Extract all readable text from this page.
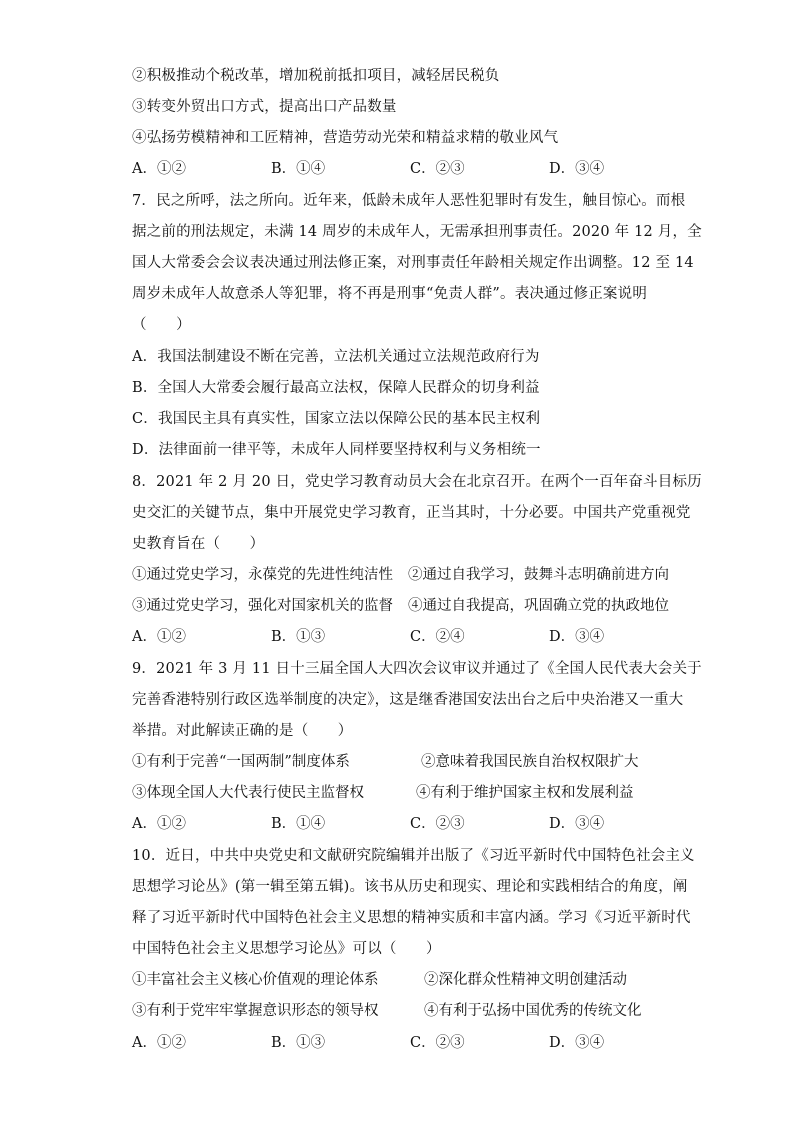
②积极推动个税改革，增加税前抵扣项目，减轻居民税负
③转变外贸出口方式，提高出口产品数量
④弘扬劳模精神和工匠精神，营造劳动光荣和精益求精的敬业风气
A．①②	B．①④	C．②③	D．③④
7．民之所呼，法之所向。近年来，低龄未成年人恶性犯罪时有发生，触目惊心。而根
据之前的刑法规定，未满 14 周岁的未成年人，无需承担刑事责任。2020 年 12 月，全
国人大常委会会议表决通过刑法修正案，对刑事责任年龄相关规定作出调整。12 至 14
周岁未成年人故意杀人等犯罪，将不再是刑事“免责人群”。表决通过修正案说明
（　　）
A．我国法制建设不断在完善，立法机关通过立法规范政府行为
B．全国人大常委会履行最高立法权，保障人民群众的切身利益
C．我国民主具有真实性，国家立法以保障公民的基本民主权利
D．法律面前一律平等，未成年人同样要坚持权利与义务相统一
8．2021 年 2 月 20 日，党史学习教育动员大会在北京召开。在两个一百年奋斗目标历
史交汇的关键节点，集中开展党史学习教育，正当其时，十分必要。中国共产党重视党
史教育旨在（　　）
①通过党史学习，永葆党的先进性纯洁性 ②通过自我学习，鼓舞斗志明确前进方向
③通过党史学习，强化对国家机关的监督 ④通过自我提高，巩固确立党的执政地位
A．①②	B．①③	C．②④	D．③④
9．2021 年 3 月 11 日十三届全国人大四次会议审议并通过了《全国人民代表大会关于
完善香港特别行政区选举制度的决定》，这是继香港国安法出台之后中央治港又一重大
举措。对此解读正确的是（　　）
①有利于完善“一国两制”制度体系	②意味着我国民族自治权权限扩大
③体现全国人大代表行使民主监督权	④有利于维护国家主权和发展利益
A．①②	B．①④	C．②③	D．③④
10．近日，中共中央党史和文献研究院编辑并出版了《习近平新时代中国特色社会主义
思想学习论丛》(第一辑至第五辑)。该书从历史和现实、理论和实践相结合的角度，阐
释了习近平新时代中国特色社会主义思想的精神实质和丰富内涵。学习《习近平新时代
中国特色社会主义思想学习论丛》可以（　　）
①丰富社会主义核心价值观的理论体系	②深化群众性精神文明创建活动
③有利于党牢牢掌握意识形态的领导权	④有利于弘扬中国优秀的传统文化
A．①②	B．①③	C．②③	D．③④
